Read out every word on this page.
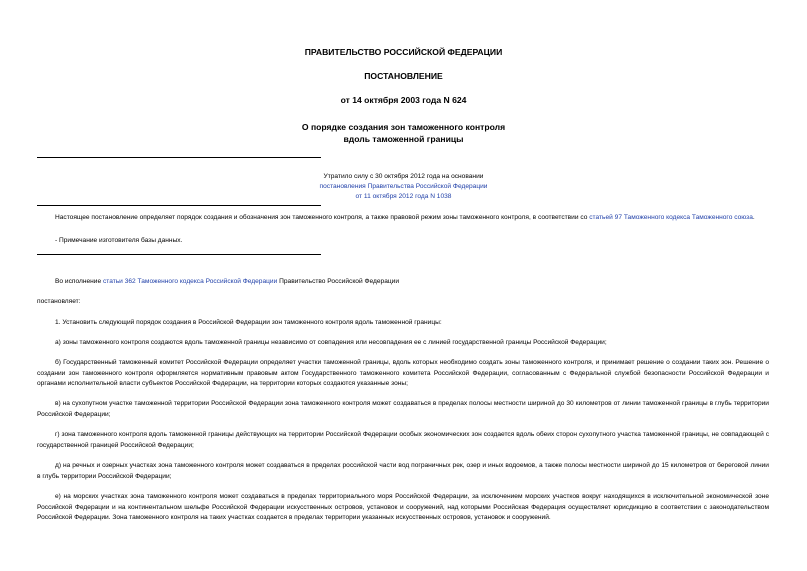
ПРАВИТЕЛЬСТВО РОССИЙСКОЙ ФЕДЕРАЦИИ
ПОСТАНОВЛЕНИЕ
от 14 октября 2003 года N 624
О порядке создания зон таможенного контроля
вдоль таможенной границы
Утратило силу с 30 октября 2012 года на основании
постановления Правительства Российской Федерации
от 11 октября 2012 года N 1038
Настоящее постановление определяет порядок создания и обозначения зон таможенного контроля, а также правовой режим зоны таможенного контроля, в соответствии со статьей 97 Таможенного кодекса Таможенного союза.
- Примечание изготовителя базы данных.
Во исполнение статьи 362 Таможенного кодекса Российской Федерации Правительство Российской Федерации
постановляет:
1. Установить следующий порядок создания в Российской Федерации зон таможенного контроля вдоль таможенной границы:
а) зоны таможенного контроля создаются вдоль таможенной границы независимо от совпадения или несовпадения ее с линией государственной границы Российской Федерации;
б) Государственный таможенный комитет Российской Федерации определяет участки таможенной границы, вдоль которых необходимо создать зоны таможенного контроля, и принимает решение о создании таких зон. Решение о создании зон таможенного контроля оформляется нормативным правовым актом Государственного таможенного комитета Российской Федерации, согласованным с Федеральной службой безопасности Российской Федерации и органами исполнительной власти субъектов Российской Федерации, на территории которых создаются указанные зоны;
в) на сухопутном участке таможенной территории Российской Федерации зона таможенного контроля может создаваться в пределах полосы местности шириной до 30 километров от линии таможенной границы в глубь территории Российской Федерации;
г) зона таможенного контроля вдоль таможенной границы действующих на территории Российской Федерации особых экономических зон создается вдоль обеих сторон сухопутного участка таможенной границы, не совпадающей с государственной границей Российской Федерации;
д) на речных и озерных участках зона таможенного контроля может создаваться в пределах российской части вод пограничных рек, озер и иных водоемов, а также полосы местности шириной до 15 километров от береговой линии в глубь территории Российской Федерации;
е) на морских участках зона таможенного контроля может создаваться в пределах территориального моря Российской Федерации, за исключением морских участков вокруг находящихся в исключительной экономической зоне Российской Федерации и на континентальном шельфе Российской Федерации искусственных островов, установок и сооружений, над которыми Российская Федерация осуществляет юрисдикцию в соответствии с законодательством Российской Федерации. Зона таможенного контроля на таких участках создается в пределах территории указанных искусственных островов, установок и сооружений.
